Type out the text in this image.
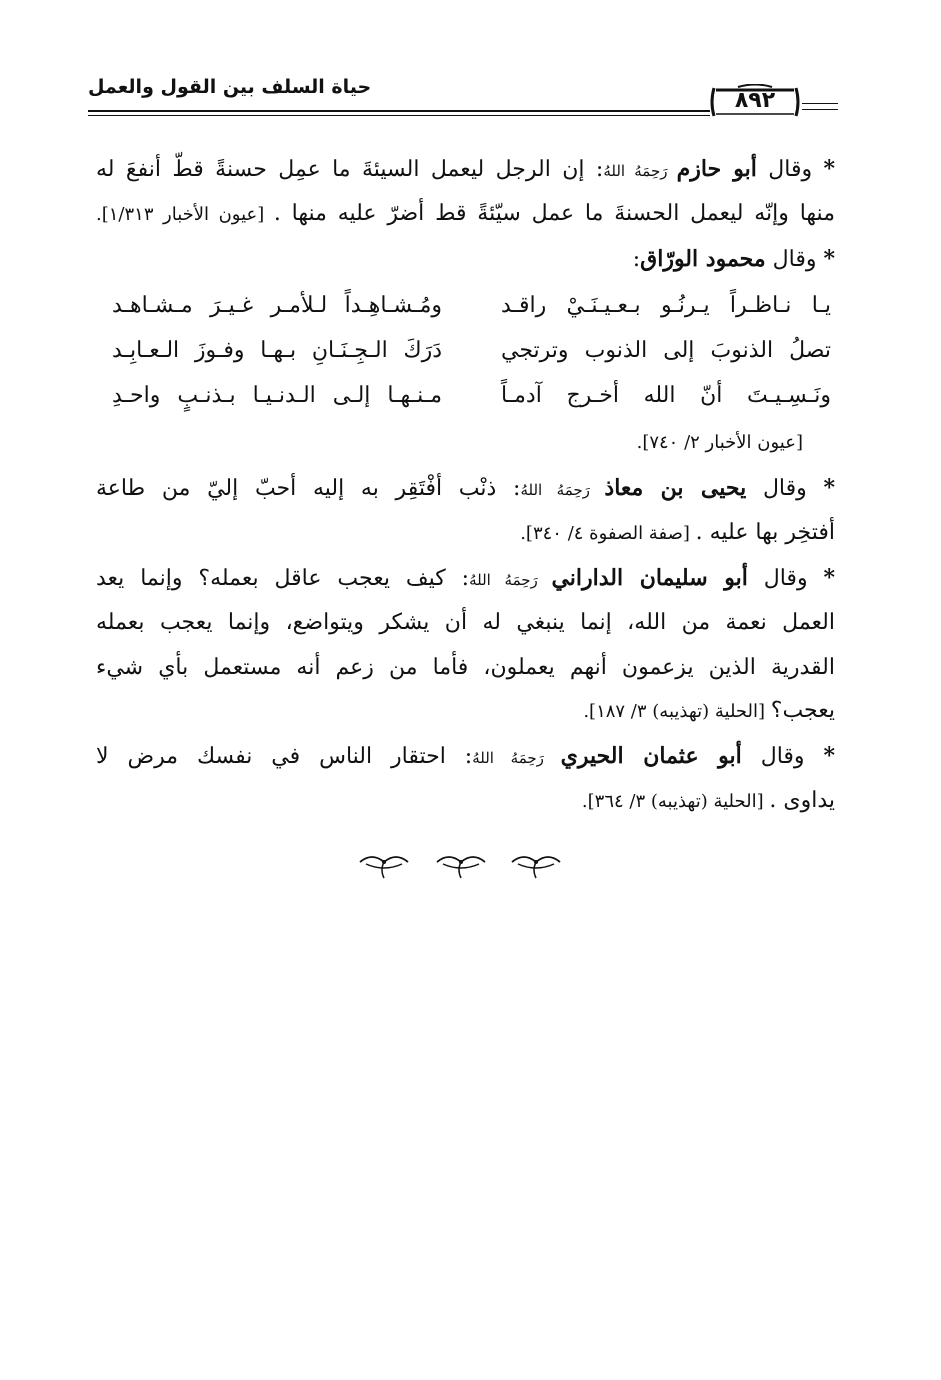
حياة السلف بين القول والعمل
٨٩٢
* وقال أبو حازم رَحِمَهُ اللهُ: إن الرجل ليعمل السيئةَ ما عمِل حسنةً قطّ أنفعَ له
منها وإنّه ليعمل الحسنةَ ما عمل سيّئةً قط أضرّ عليه منها . [عيون الأخبار ١/٣١٣].
* وقال محمود الورّاق:
يـا نـاظـراً يـرنُـو بـعـيـنَـيْ راقـد
ومُـشـاهِـداً لـلأمـر غـيـرَ مـشـاهـد
تصلُ الذنوبَ إلى الذنوب وترتجي
دَرَكَ الـجِـنَـانِ بـهـا وفـوزَ الـعـابِـد
ونَـسِـيـتَ أنّ الله أخـرج آدمـاً
مـنـهـا إلـى الـدنـيـا بـذنـبٍ واحـدِ
[عيون الأخبار ٢/ ٧٤٠].
* وقال يحيى بن معاذ رَحِمَهُ اللهُ: ذنْب أفْتَقِر به إليه أحبّ إليّ من طاعة
أفتخِر بها عليه . [صفة الصفوة ٤/ ٣٤٠].
* وقال أبو سليمان الداراني رَحِمَهُ اللهُ: كيف يعجب عاقل بعمله؟ وإنما يعد
العمل نعمة من الله، إنما ينبغي له أن يشكر ويتواضع، وإنما يعجب بعمله
القدرية الذين يزعمون أنهم يعملون، فأما من زعم أنه مستعمل بأي شيء
يعجب؟ [الحلية (تهذيبه) ٣/ ١٨٧].
* وقال أبو عثمان الحيري رَحِمَهُ اللهُ: احتقار الناس في نفسك مرض لا
يداوى . [الحلية (تهذيبه) ٣/ ٣٦٤].
